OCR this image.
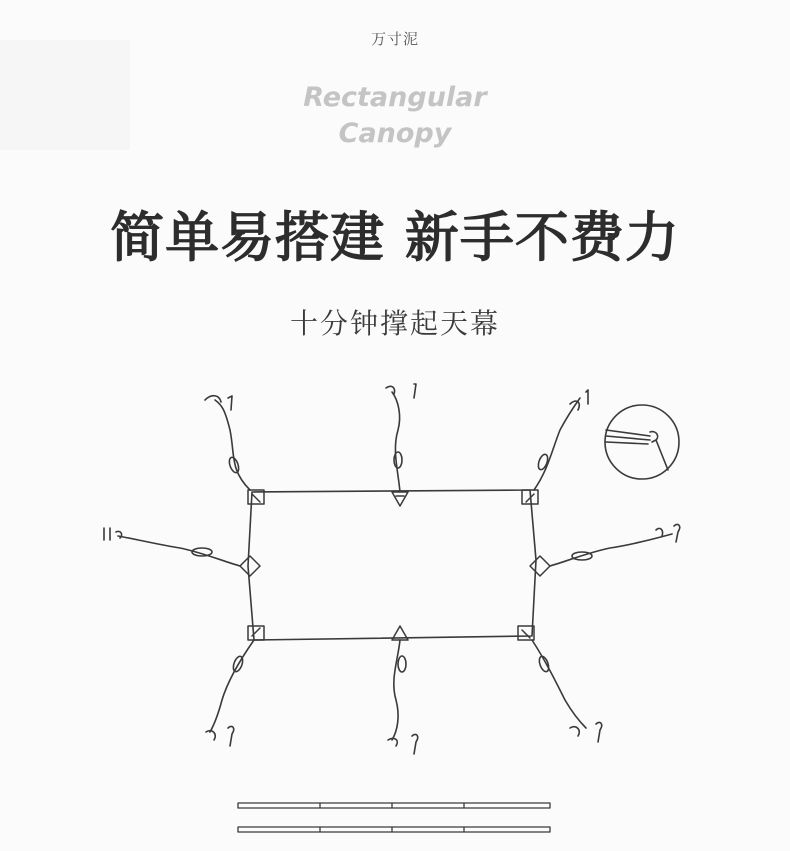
万寸泥
Rectangular
Canopy
简单易搭建 新手不费力
十分钟撑起天幕
